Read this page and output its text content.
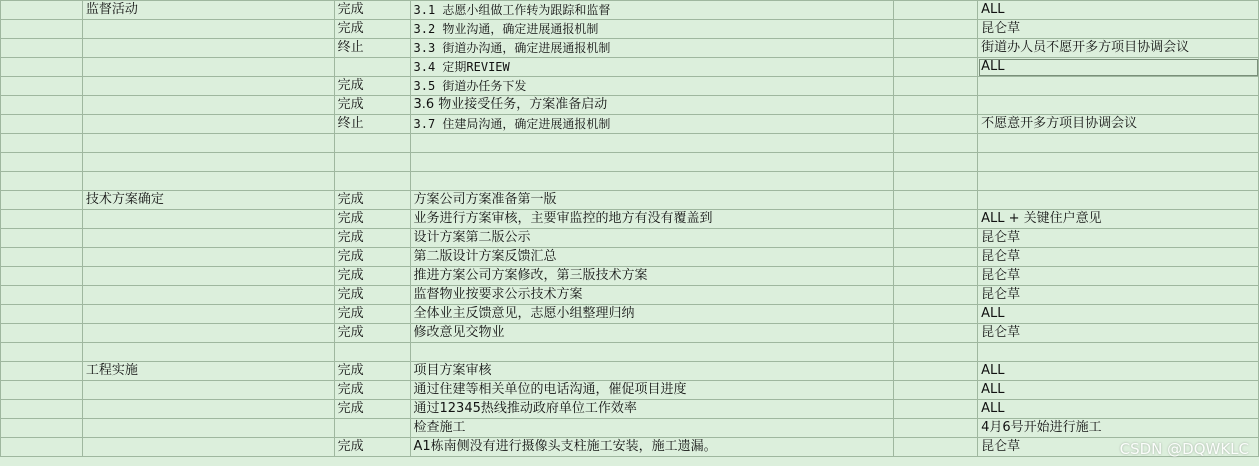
	监督活动	完成	3.1 志愿小组做工作转为跟踪和监督		ALL
		完成	3.2 物业沟通，确定进展通报机制		昆仑草
		终止	3.3 街道办沟通，确定进展通报机制		街道办人员不愿开多方项目协调会议
			3.4 定期REVIEW		ALL
		完成	3.5 街道办任务下发		
		完成	3.6 物业接受任务，方案准备启动		
		终止	3.7 住建局沟通，确定进展通报机制		不愿意开多方项目协调会议

	技术方案确定	完成	方案公司方案准备第一版		
		完成	业务进行方案审核，主要审监控的地方有没有覆盖到		ALL + 关键住户意见
		完成	设计方案第二版公示		昆仑草
		完成	第二版设计方案反馈汇总		昆仑草
		完成	推进方案公司方案修改，第三版技术方案		昆仑草
		完成	监督物业按要求公示技术方案		昆仑草
		完成	全体业主反馈意见，志愿小组整理归纳		ALL
		完成	修改意见交物业		昆仑草

	工程实施	完成	项目方案审核		ALL
		完成	通过住建等相关单位的电话沟通，催促项目进度		ALL
		完成	通过12345热线推动政府单位工作效率		ALL
			检查施工		4月6号开始进行施工
		完成	A1栋南侧没有进行摄像头支柱施工安装，施工遗漏。		昆仑草	CSDN @DQWKLC
